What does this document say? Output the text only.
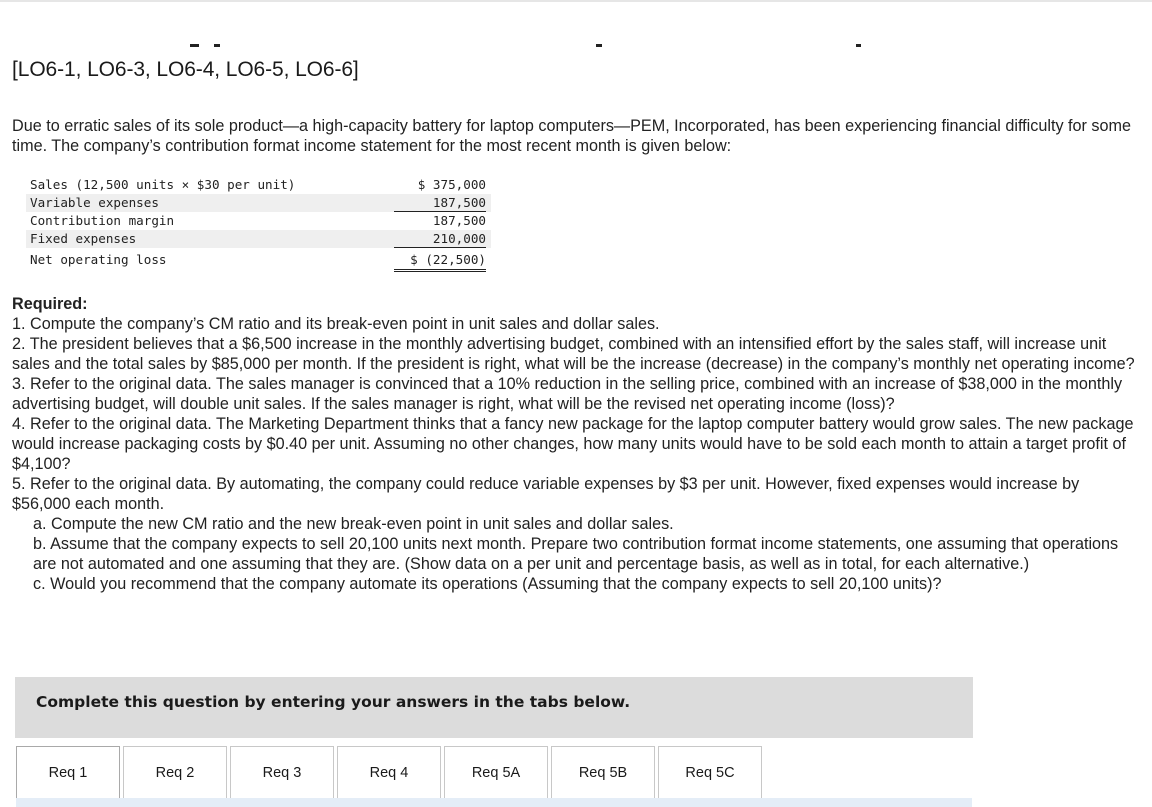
[LO6-1, LO6-3, LO6-4, LO6-5, LO6-6]

Due to erratic sales of its sole product—a high-capacity battery for laptop computers—PEM, Incorporated, has been experiencing financial difficulty for some time. The company’s contribution format income statement for the most recent month is given below:

Sales (12,500 units × $30 per unit)	$ 375,000
Variable expenses	187,500
Contribution margin	187,500
Fixed expenses	210,000
Net operating loss	$ (22,500)

Required:

1. Compute the company’s CM ratio and its break-even point in unit sales and dollar sales.

2. The president believes that a $6,500 increase in the monthly advertising budget, combined with an intensified effort by the sales staff, will increase unit sales and the total sales by $85,000 per month. If the president is right, what will be the increase (decrease) in the company’s monthly net operating income?

3. Refer to the original data. The sales manager is convinced that a 10% reduction in the selling price, combined with an increase of $38,000 in the monthly advertising budget, will double unit sales. If the sales manager is right, what will be the revised net operating income (loss)?

4. Refer to the original data. The Marketing Department thinks that a fancy new package for the laptop computer battery would grow sales. The new package would increase packaging costs by $0.40 per unit. Assuming no other changes, how many units would have to be sold each month to attain a target profit of $4,100?

5. Refer to the original data. By automating, the company could reduce variable expenses by $3 per unit. However, fixed expenses would increase by $56,000 each month.

a. Compute the new CM ratio and the new break-even point in unit sales and dollar sales.

b. Assume that the company expects to sell 20,100 units next month. Prepare two contribution format income statements, one assuming that operations are not automated and one assuming that they are. (Show data on a per unit and percentage basis, as well as in total, for each alternative.)

c. Would you recommend that the company automate its operations (Assuming that the company expects to sell 20,100 units)?

Complete this question by entering your answers in the tabs below.
Req 1	Req 2	Req 3	Req 4	Req 5A	Req 5B	Req 5C
